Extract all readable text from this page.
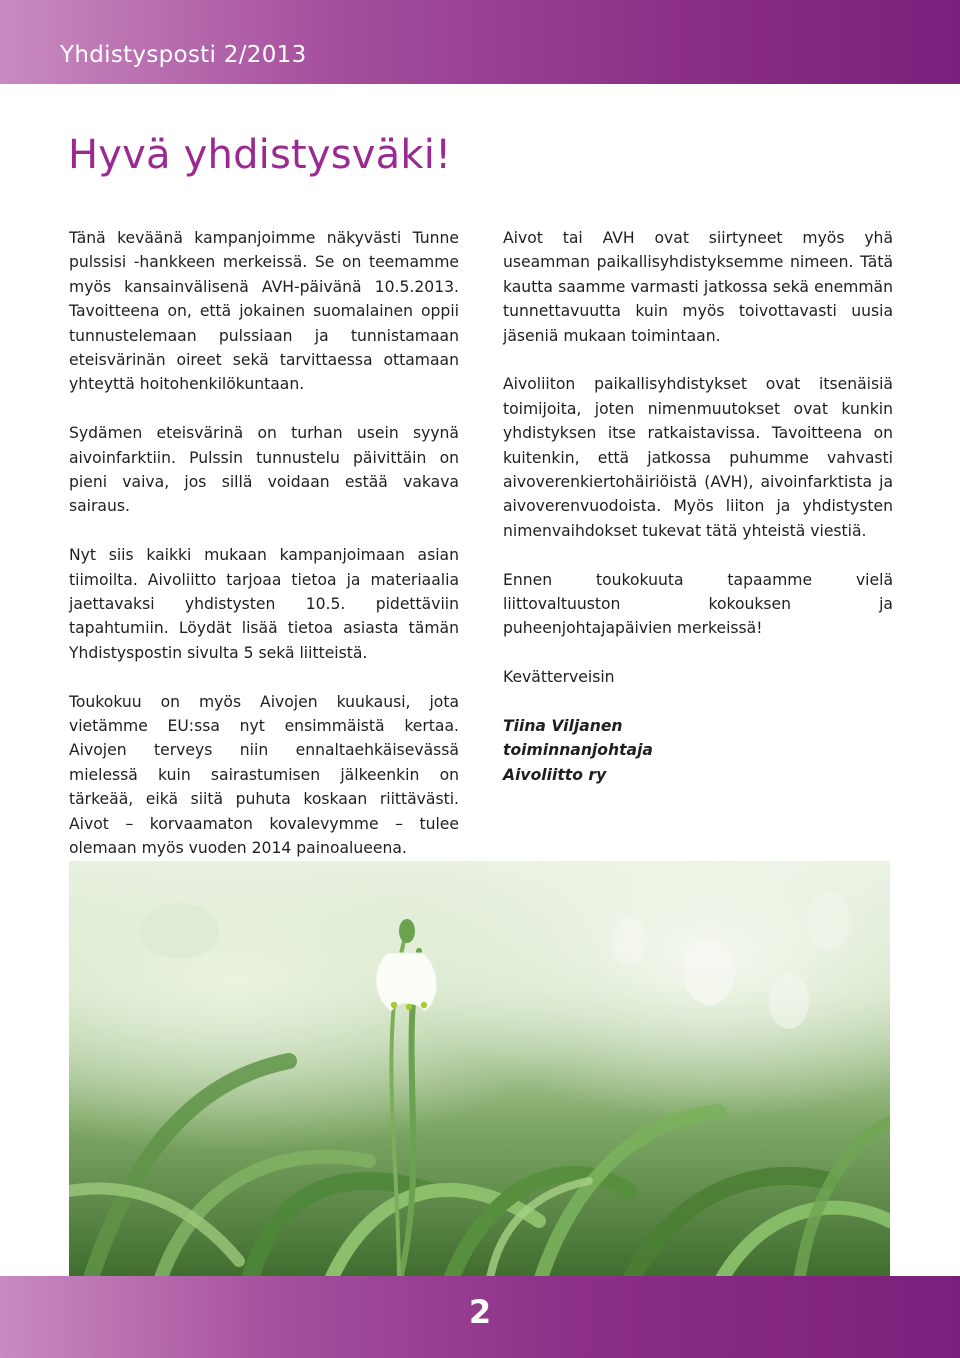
Yhdistysposti 2/2013
Hyvä yhdistysväki!

Tänä keväänä kampanjoimme näkyvästi Tunne pulssisi -hankkeen merkeissä. Se on teemamme myös kansainvälisenä AVH-päivänä 10.5.2013. Tavoitteena on, että jokainen suomalainen oppii tunnustelemaan pulssiaan ja tunnistamaan eteisvärinän oireet sekä tarvittaessa ottamaan yhteyttä hoitohenkilökuntaan.

Sydämen eteisvärinä on turhan usein syynä aivoinfarktiin. Pulssin tunnustelu päivittäin on pieni vaiva, jos sillä voidaan estää vakava sairaus.

Nyt siis kaikki mukaan kampanjoimaan asian tiimoilta. Aivoliitto tarjoaa tietoa ja materiaalia jaettavaksi yhdistysten 10.5. pidettäviin tapahtumiin. Löydät lisää tietoa asiasta tämän Yhdistyspostin sivulta 5 sekä liitteistä.

Toukokuu on myös Aivojen kuukausi, jota vietämme EU:ssa nyt ensimmäistä kertaa. Aivojen terveys niin ennaltaehkäisevässä mielessä kuin sairastumisen jälkeenkin on tärkeää, eikä siitä puhuta koskaan riittävästi. Aivot – korvaamaton kovalevymme – tulee olemaan myös vuoden 2014 painoalueena.

Aivot tai AVH ovat siirtyneet myös yhä useamman paikallisyhdistyksemme nimeen. Tätä kautta saamme varmasti jatkossa sekä enemmän tunnettavuutta kuin myös toivottavasti uusia jäseniä mukaan toimintaan.

Aivoliiton paikallisyhdistykset ovat itsenäisiä toimijoita, joten nimenmuutokset ovat kunkin yhdistyksen itse ratkaistavissa. Tavoitteena on kuitenkin, että jatkossa puhumme vahvasti aivoverenkiertohäiriöistä (AVH), aivoinfarktista ja aivoverenvuodoista. Myös liiton ja yhdistysten nimenvaihdokset tukevat tätä yhteistä viestiä.

Ennen toukokuuta tapaamme vielä liittovaltuuston kokouksen ja puheenjohtajapäivien merkeissä!

Kevätterveisin

Tiina Viljanen
toiminnanjohtaja
Aivoliitto ry
2
